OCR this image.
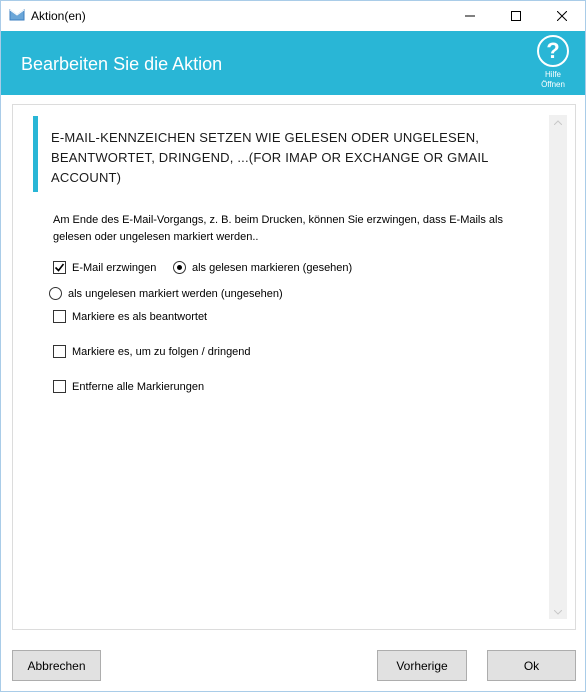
Aktion(en)
Bearbeiten Sie die Aktion
?
Hilfe
Öffnen
E-MAIL-KENNZEICHEN SETZEN WIE GELESEN ODER UNGELESEN, BEANTWORTET, DRINGEND, ...(FOR IMAP OR EXCHANGE OR GMAIL ACCOUNT)
Am Ende des E-Mail-Vorgangs, z. B. beim Drucken, können Sie erzwingen, dass E-Mails als gelesen oder ungelesen markiert werden..
E-Mail erzwingen	als gelesen markieren (gesehen)
als ungelesen markiert werden (ungesehen)
Markiere es als beantwortet
Markiere es, um zu folgen / dringend
Entferne alle Markierungen
Abbrechen	Vorherige	Ok
